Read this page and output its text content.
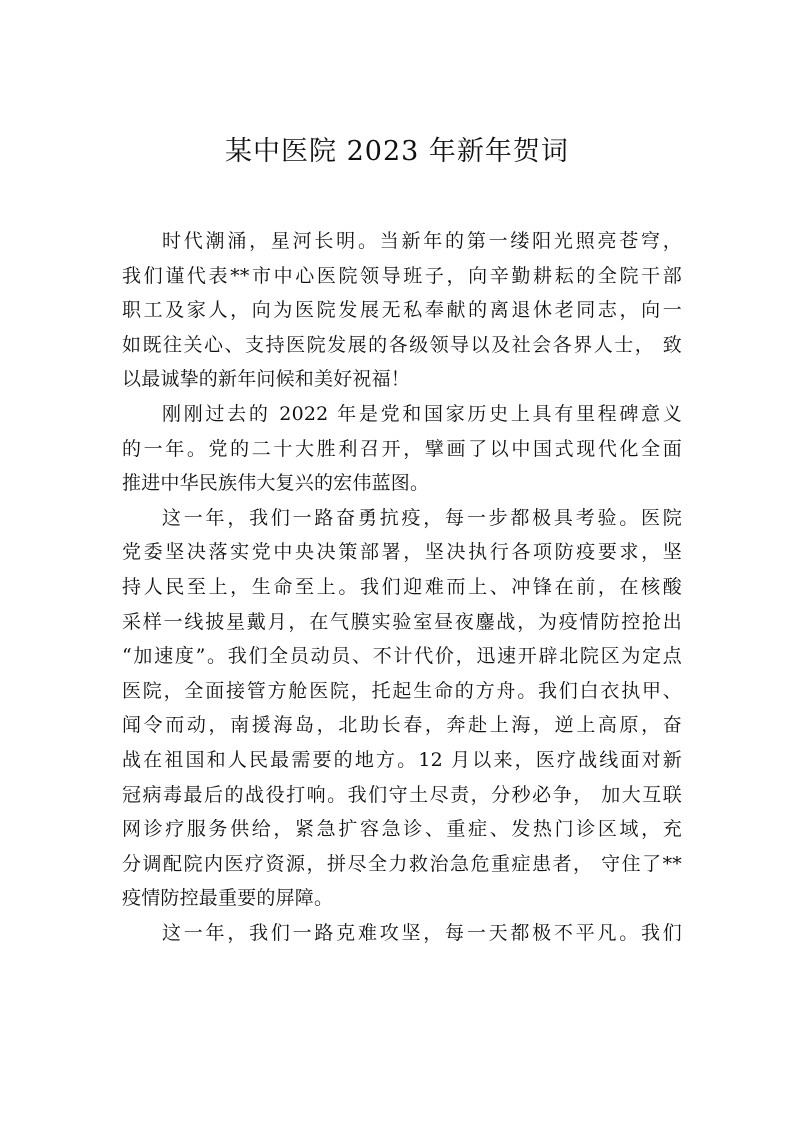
某中医院 2023 年新年贺词
时代潮涌，星河长明。当新年的第一缕阳光照亮苍穹，
我们谨代表**市中心医院领导班子，向辛勤耕耘的全院干部
职工及家人，向为医院发展无私奉献的离退休老同志，向一
如既往关心、支持医院发展的各级领导以及社会各界人士， 致
以最诚挚的新年问候和美好祝福！
刚刚过去的 2022 年是党和国家历史上具有里程碑意义
的一年。党的二十大胜利召开，擘画了以中国式现代化全面
推进中华民族伟大复兴的宏伟蓝图。
这一年，我们一路奋勇抗疫，每一步都极具考验。医院
党委坚决落实党中央决策部署，坚决执行各项防疫要求，坚
持人民至上，生命至上。我们迎难而上、冲锋在前，在核酸
采样一线披星戴月，在气膜实验室昼夜鏖战，为疫情防控抢出
“加速度”。我们全员动员、不计代价，迅速开辟北院区为定点
医院，全面接管方舱医院，托起生命的方舟。我们白衣执甲、
闻令而动，南援海岛，北助长春，奔赴上海，逆上高原，奋
战在祖国和人民最需要的地方。12 月以来，医疗战线面对新
冠病毒最后的战役打响。我们守土尽责，分秒必争， 加大互联
网诊疗服务供给，紧急扩容急诊、重症、发热门诊区域，充
分调配院内医疗资源，拼尽全力救治急危重症患者， 守住了**
疫情防控最重要的屏障。
这一年，我们一路克难攻坚，每一天都极不平凡。我们
